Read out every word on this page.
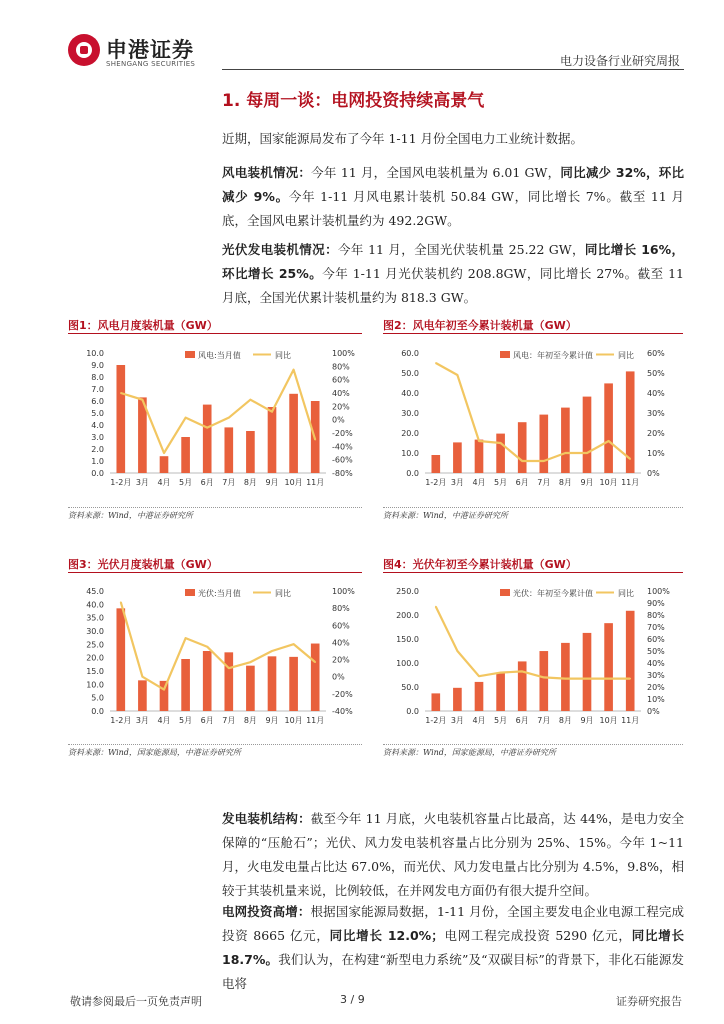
申港证券
SHENGANG SECURITIES	电力设备行业研究周报
1. 每周一谈：电网投资持续高景气
近期，国家能源局发布了今年 1-11 月份全国电力工业统计数据。
风电装机情况：今年 11 月，全国风电装机量为 6.01 GW，同比减少 32%，环比减少 9%。今年 1-11 月风电累计装机 50.84 GW，同比增长 7%。截至 11 月底，全国风电累计装机量约为 492.2GW。
光伏发电装机情况：今年 11 月，全国光伏装机量 25.22 GW，同比增长 16%，环比增长 25%。今年 1-11 月光伏装机约 208.8GW，同比增长 27%。截至 11 月底，全国光伏累计装机量约为 818.3 GW。
图1：风电月度装机量（GW）	图2：风电年初至今累计装机量（GW）
0.0
1.0
2.0
3.0
4.0
5.0
6.0
7.0
8.0
9.0
10.0
-80%
-60%
-40%
-20%
0%
20%
40%
60%
80%
100%
1-2月 3月 4月 5月 6月 7月 8月 9月 10月 11月
风电:当月值	同比
0.0
10.0
20.0
30.0
40.0
50.0
60.0
0%
10%
20%
30%
40%
50%
60%
1-2月 3月 4月 5月 6月 7月 8月 9月 10月 11月
风电：年初至今累计值	同比
资料来源：Wind，中港证券研究所	资料来源：Wind，中港证券研究所
图3：光伏月度装机量（GW）	图4：光伏年初至今累计装机量（GW）
0.0
5.0
10.0
15.0
20.0
25.0
30.0
35.0
40.0
45.0
-40%
-20%
0%
20%
40%
60%
80%
100%
1-2月 3月 4月 5月 6月 7月 8月 9月 10月 11月
光伏:当月值	同比
0.0
50.0
100.0
150.0
200.0
250.0
0%
10%
20%
30%
40%
50%
60%
70%
80%
90%
100%
1-2月 3月 4月 5月 6月 7月 8月 9月 10月 11月
光伏：年初至今累计值	同比
资料来源：Wind，国家能源局，中港证券研究所	资料来源：Wind，国家能源局，中港证券研究所
发电装机结构：截至今年 11 月底，火电装机容量占比最高，达 44%，是电力安全保障的“压舱石”；光伏、风力发电装机容量占比分别为 25%、15%。今年 1~11 月，火电发电量占比达 67.0%，而光伏、风力发电量占比分别为 4.5%，9.8%，相较于其装机量来说，比例较低，在并网发电方面仍有很大提升空间。
电网投资高增：根据国家能源局数据，1-11 月份，全国主要发电企业电源工程完成投资 8665 亿元，同比增长 12.0%；电网工程完成投资 5290 亿元，同比增长 18.7%。我们认为，在构建“新型电力系统”及“双碳目标”的背景下，非化石能源发电将
敬请参阅最后一页免责声明	3 / 9	证券研究报告
